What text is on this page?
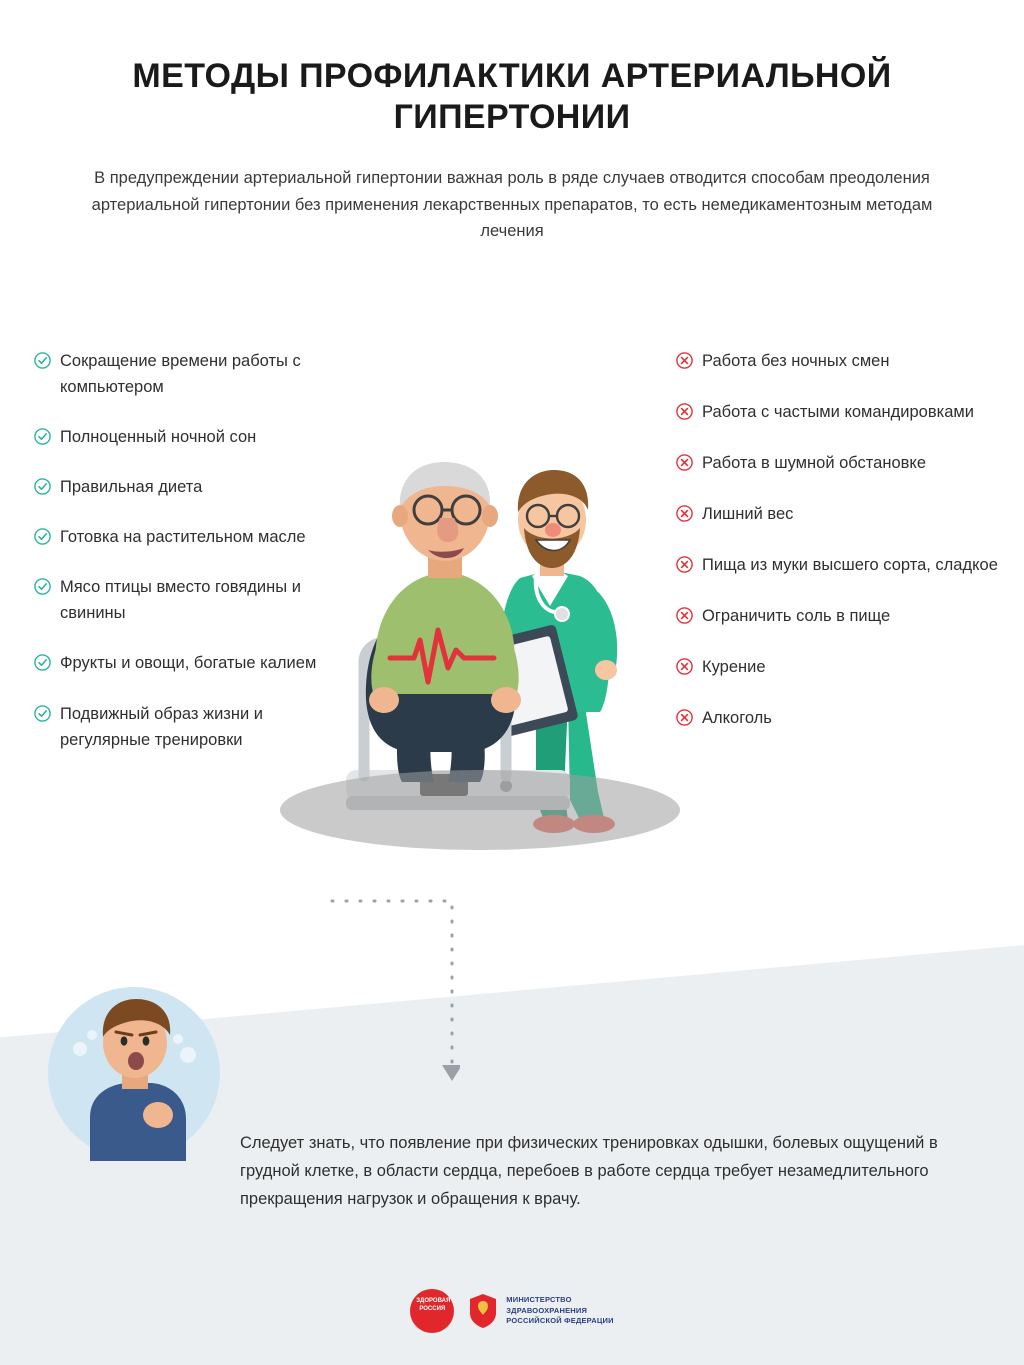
МЕТОДЫ ПРОФИЛАКТИКИ АРТЕРИАЛЬНОЙ ГИПЕРТОНИИ

В предупреждении артериальной гипертонии важная роль в ряде случаев отводится способам преодоления артериальной гипертонии без применения лекарственных препаратов, то есть немедикаментозным методам лечения

Сокращение времени работы с компьютером
Полноценный ночной сон
Правильная диета
Готовка на растительном масле
Мясо птицы вместо говядины и свинины
Фрукты и овощи, богатые калием
Подвижный образ жизни и регулярные тренировки
Работа без ночных смен
Работа с частыми командировками
Работа в шумной обстановке
Лишний вес
Пища из муки высшего сорта, сладкое
Ограничить соль в пище
Курение
Алкоголь

Следует знать, что появление при физических тренировках одышки, болевых ощущений в грудной клетке, в области сердца, перебоев в работе сердца требует незамедлительного прекращения нагрузок и обращения к врачу.

ЗДОРОВАЯ РОССИЯ
МИНИСТЕРСТВО
ЗДРАВООХРАНЕНИЯ
РОССИЙСКОЙ ФЕДЕРАЦИИ
